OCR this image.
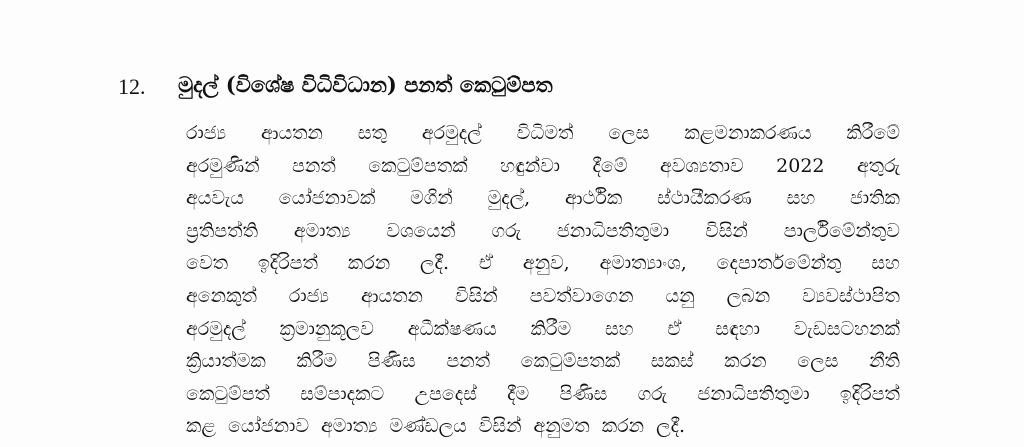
12. මුදල් (විශේෂ විධිවිධාන) පනත් කෙටුම්පත
රාජ්‍ය ආයතන සතු අරමුදල් විධිමත් ලෙස කළමනාකරණය කිරීමේ
අරමුණින් පනත් කෙටුම්පතක් හඳුන්වා දීමේ අවශ්‍යතාව 2022 අතුරු
අයවැය යෝජනාවක් මගින් මුදල්, ආර්ථික ස්ථායීකරණ සහ ජාතික
ප්‍රතිපත්ති අමාත්‍ය වශයෙන් ගරු ජනාධිපතිතුමා විසින් පාර්ලිමේන්තුව
වෙත ඉදිරිපත් කරන ලදී. ඒ අනුව, අමාත්‍යාංශ, දෙපාර්තමේන්තු සහ
අනෙකුත් රාජ්‍ය ආයතන විසින් පවත්වාගෙන යනු ලබන ව්‍යවස්ථාපිත
අරමුදල් ක්‍රමානුකූලව අධීක්ෂණය කිරීම සහ ඒ සඳහා වැඩසටහනක්
ක්‍රියාත්මක කිරීම පිණිස පනත් කෙටුම්පතක් සකස් කරන ලෙස නීති
කෙටුම්පත් සම්පාදකට උපදෙස් දීම පිණිස ගරු ජනාධිපතිතුමා ඉදිරිපත්
කළ යෝජනාව අමාත්‍ය මණ්ඩලය විසින් අනුමත කරන ලදී.
